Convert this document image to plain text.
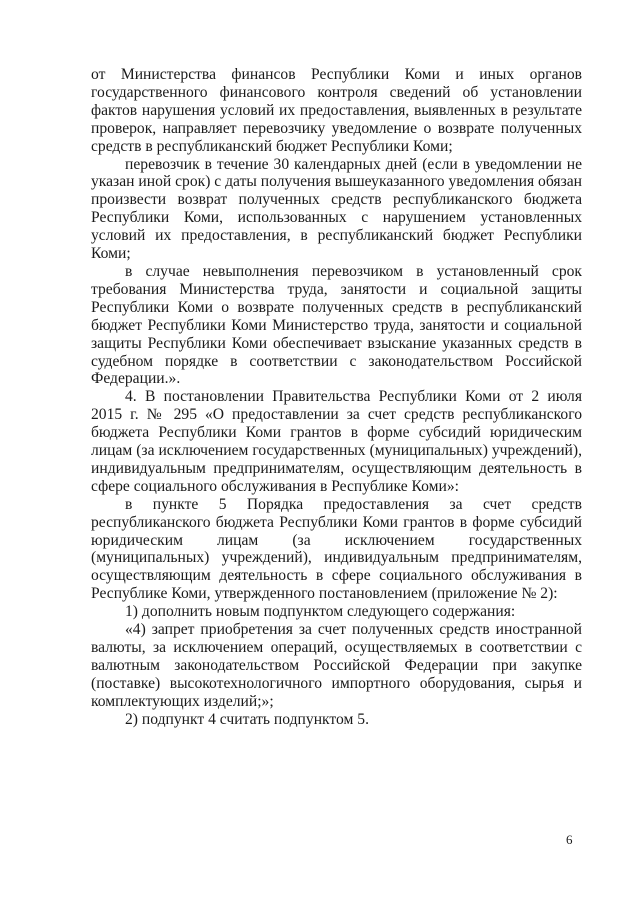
от Министерства финансов Республики Коми и иных органов государственного финансового контроля сведений об установлении фактов нарушения условий их предоставления, выявленных в результате проверок, направляет перевозчику уведомление о возврате полученных средств в республиканский бюджет Республики Коми;

перевозчик в течение 30 календарных дней (если в уведомлении не указан иной срок) с даты получения вышеуказанного уведомления обязан произвести возврат полученных средств республиканского бюджета Республики Коми, использованных с нарушением установленных условий их предоставления, в республиканский бюджет Республики Коми;

в случае невыполнения перевозчиком в установленный срок требования Министерства труда, занятости и социальной защиты Республики Коми о возврате полученных средств в республиканский бюджет Республики Коми Министерство труда, занятости и социальной защиты Республики Коми обеспечивает взыскание указанных средств в судебном порядке в соответствии с законодательством Российской Федерации.».

4. В постановлении Правительства Республики Коми от 2 июля 2015 г. № 295 «О предоставлении за счет средств республиканского бюджета Республики Коми грантов в форме субсидий юридическим лицам (за исключением государственных (муниципальных) учреждений), индивидуальным предпринимателям, осуществляющим деятельность в сфере социального обслуживания в Республике Коми»:

в пункте 5 Порядка предоставления за счет средств республиканского бюджета Республики Коми грантов в форме субсидий юридическим лицам (за исключением государственных (муниципальных) учреждений), индивидуальным предпринимателям, осуществляющим деятельность в сфере социального обслуживания в Республике Коми, утвержденного постановлением (приложение № 2):

1) дополнить новым подпунктом следующего содержания:

«4) запрет приобретения за счет полученных средств иностранной валюты, за исключением операций, осуществляемых в соответствии с валютным законодательством Российской Федерации при закупке (поставке) высокотехнологичного импортного оборудования, сырья и комплектующих изделий;»;

2) подпункт 4 считать подпунктом 5.

6
